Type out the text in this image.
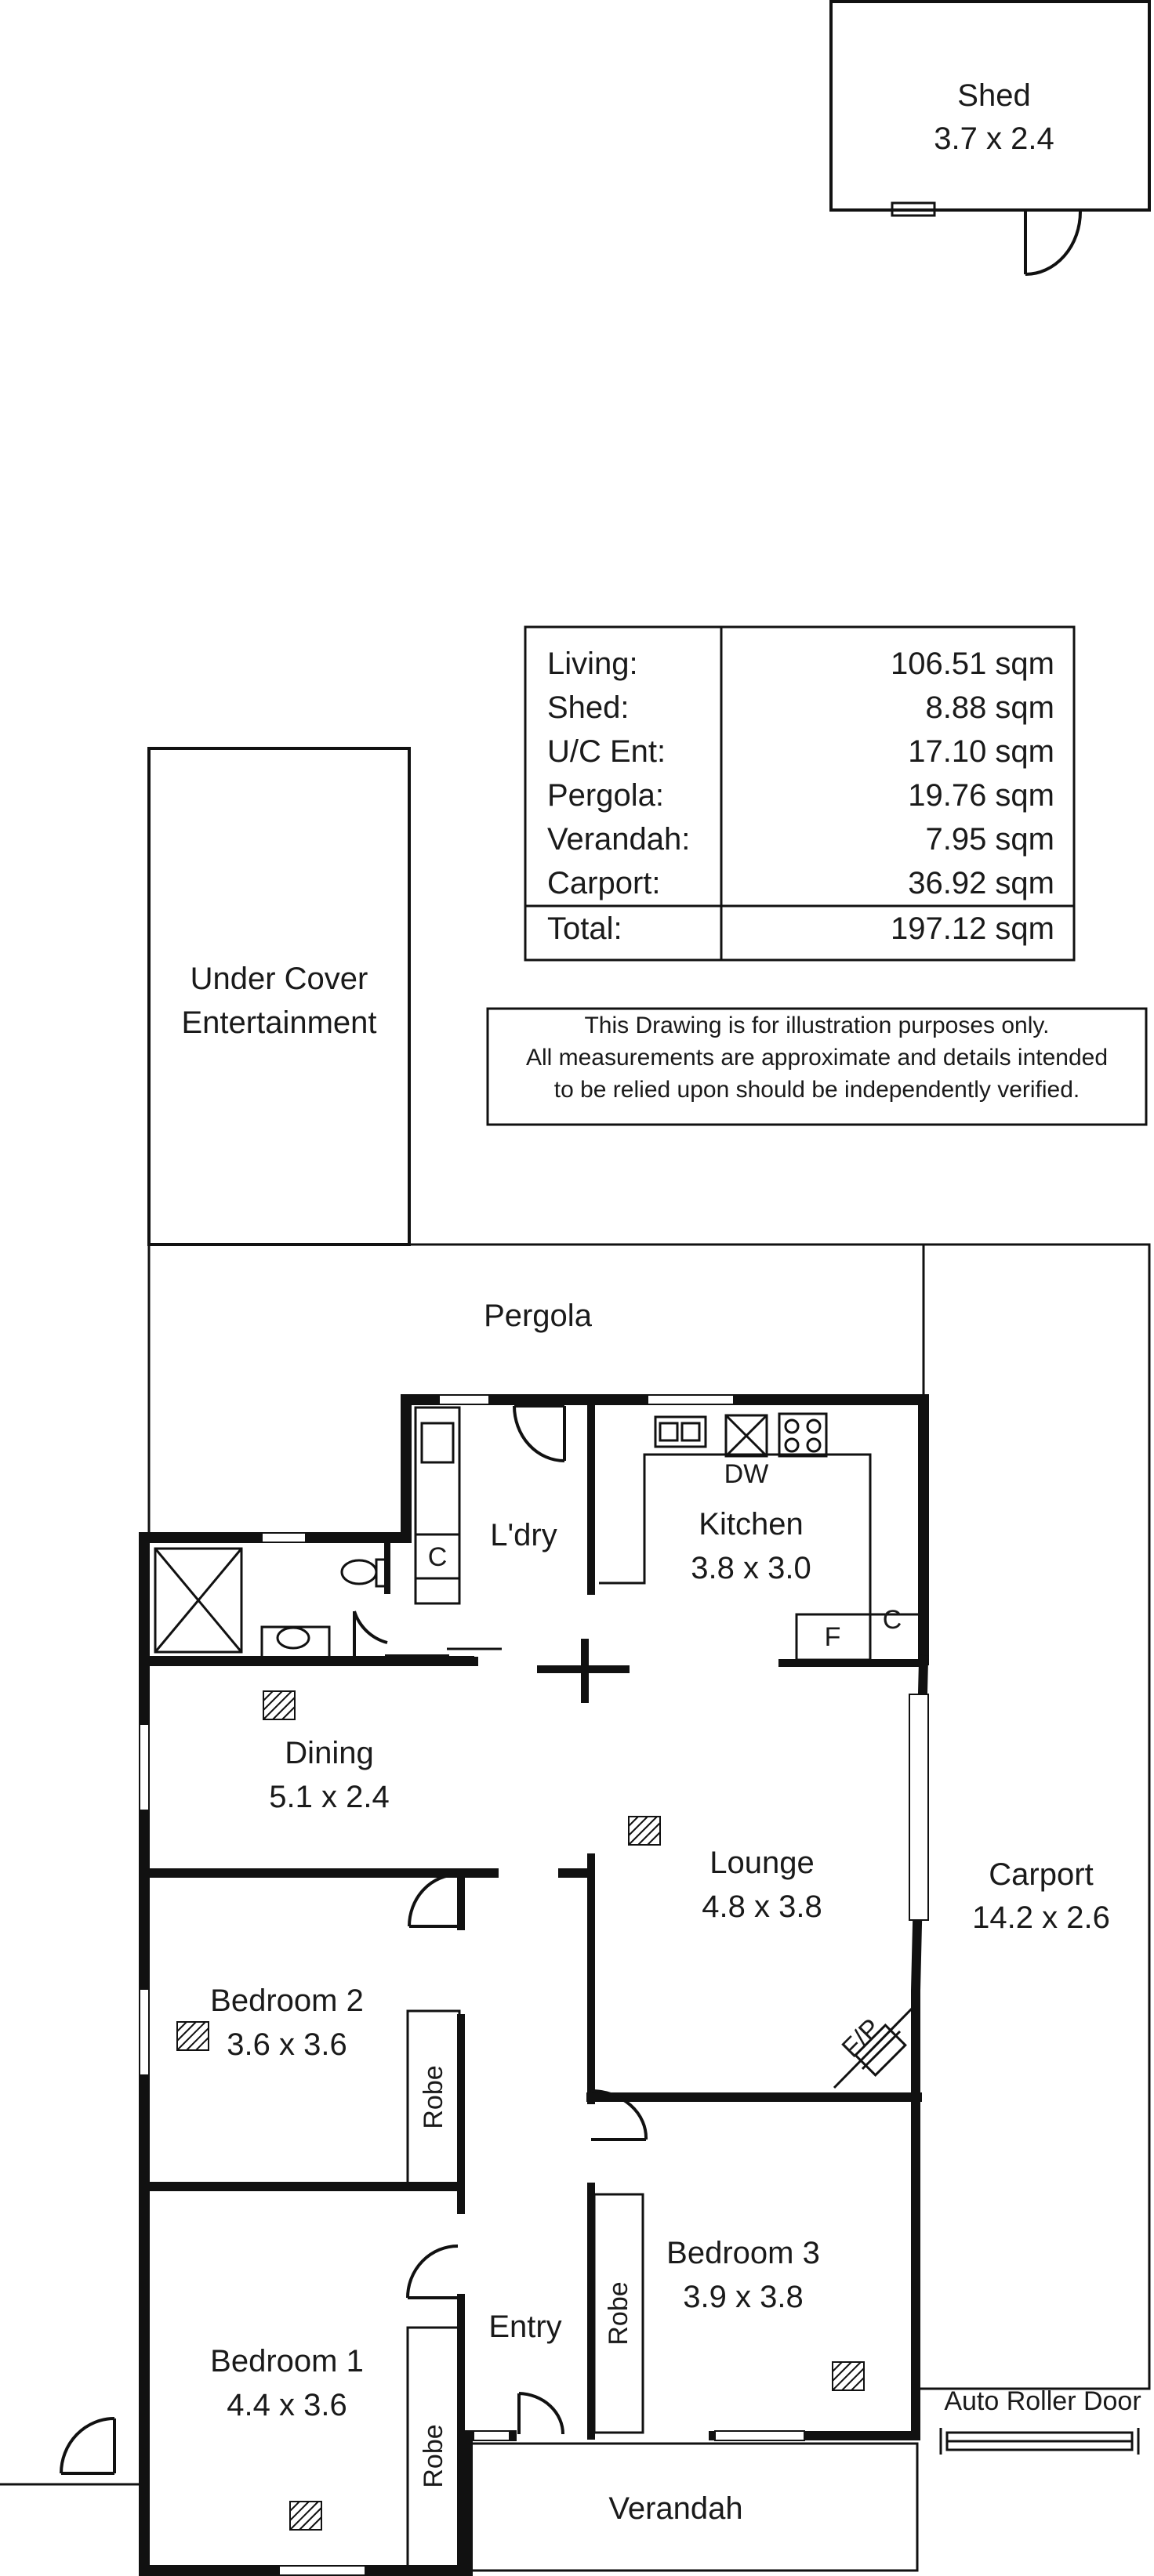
Shed
3.7 x 2.4
Living:	106.51 sqm
Shed:	8.88 sqm
U/C Ent:	17.10 sqm
Pergola:	19.76 sqm
Verandah:	7.95 sqm
Carport:	36.92 sqm
Total:	197.12 sqm
This Drawing is for illustration purposes only.
All measurements are approximate and details intended
to be relied upon should be independently verified.
Under Cover
Entertainment
Pergola
Carport
14.2 x 2.6
Auto Roller Door
C
DW
F
C
F/P
Robe
Robe
Robe
L'dry	Kitchen
3.8 x 3.0
Dining
5.1 x 2.4
Lounge
4.8 x 3.8
Bedroom 2
3.6 x 3.6
Bedroom 3
3.9 x 3.8
Bedroom 1
4.4 x 3.6
Entry
Verandah
